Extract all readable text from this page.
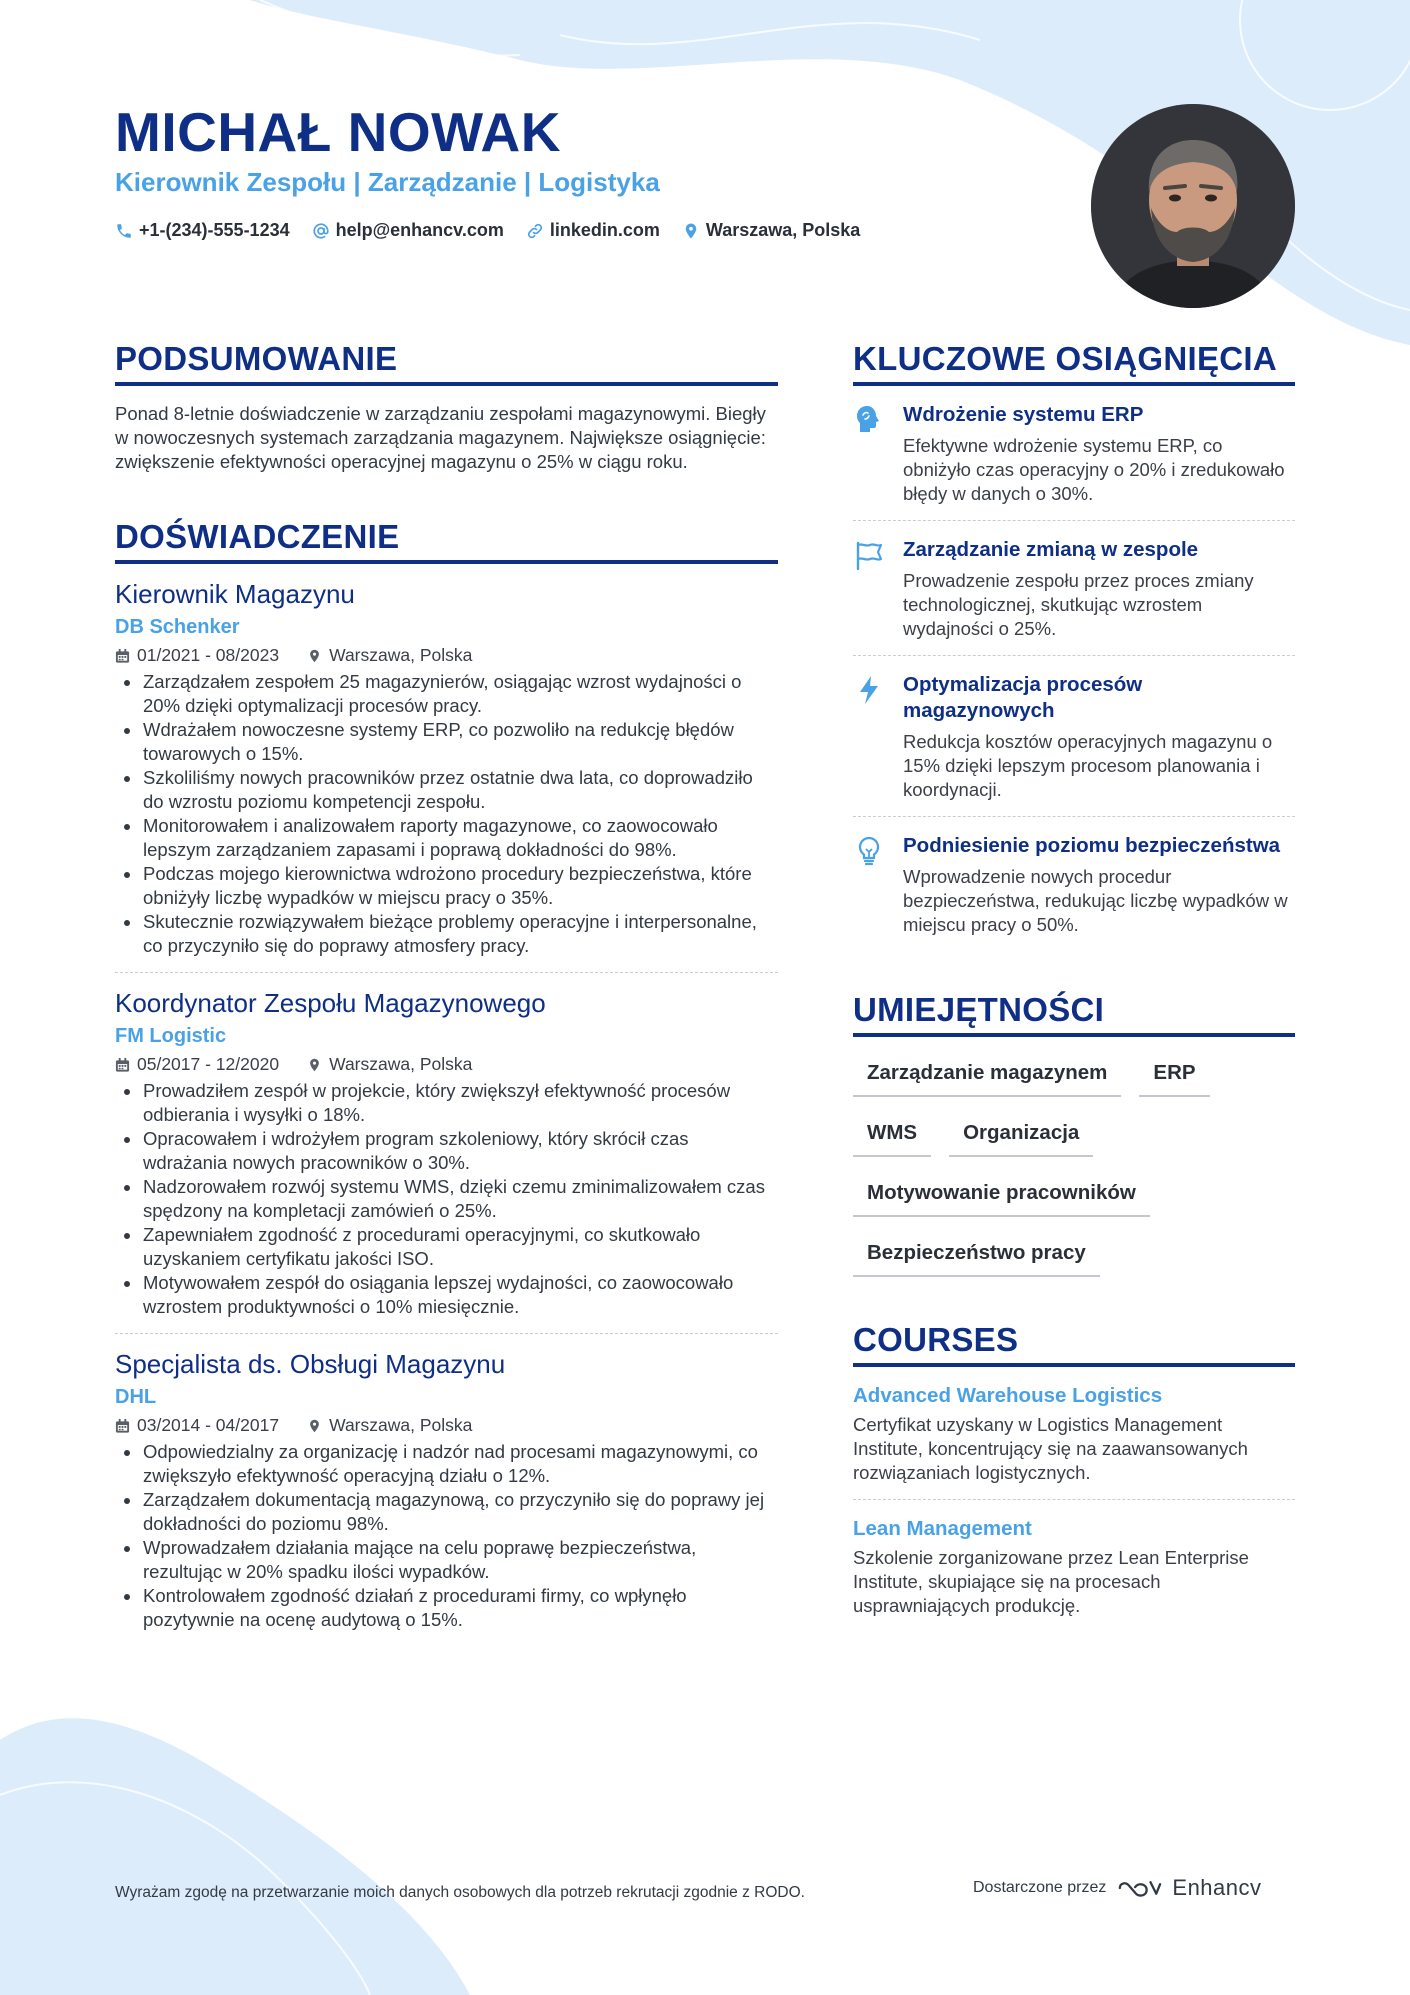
MICHAŁ NOWAK
Kierownik Zespołu | Zarządzanie | Logistyka
+1-(234)-555-1234	help@enhancv.com	linkedin.com	Warszawa, Polska
PODSUMOWANIE

Ponad 8-letnie doświadczenie w zarządzaniu zespołami magazynowymi. Biegły w nowoczesnych systemach zarządzania magazynem. Największe osiągnięcie: zwiększenie efektywności operacyjnej magazynu o 25% w ciągu roku.

DOŚWIADCZENIE
Kierownik Magazynu
DB Schenker
01/2021 - 08/2023	Warszawa, Polska
Zarządzałem zespołem 25 magazynierów, osiągając wzrost wydajności o 20% dzięki optymalizacji procesów pracy.
Wdrażałem nowoczesne systemy ERP, co pozwoliło na redukcję błędów towarowych o 15%.
Szkoliliśmy nowych pracowników przez ostatnie dwa lata, co doprowadziło do wzrostu poziomu kompetencji zespołu.
Monitorowałem i analizowałem raporty magazynowe, co zaowocowało lepszym zarządzaniem zapasami i poprawą dokładności do 98%.
Podczas mojego kierownictwa wdrożono procedury bezpieczeństwa, które obniżyły liczbę wypadków w miejscu pracy o 35%.
Skutecznie rozwiązywałem bieżące problemy operacyjne i interpersonalne, co przyczyniło się do poprawy atmosfery pracy.
Koordynator Zespołu Magazynowego
FM Logistic
05/2017 - 12/2020	Warszawa, Polska
Prowadziłem zespół w projekcie, który zwiększył efektywność procesów odbierania i wysyłki o 18%.
Opracowałem i wdrożyłem program szkoleniowy, który skrócił czas wdrażania nowych pracowników o 30%.
Nadzorowałem rozwój systemu WMS, dzięki czemu zminimalizowałem czas spędzony na kompletacji zamówień o 25%.
Zapewniałem zgodność z procedurami operacyjnymi, co skutkowało uzyskaniem certyfikatu jakości ISO.
Motywowałem zespół do osiągania lepszej wydajności, co zaowocowało wzrostem produktywności o 10% miesięcznie.
Specjalista ds. Obsługi Magazynu
DHL
03/2014 - 04/2017	Warszawa, Polska
Odpowiedzialny za organizację i nadzór nad procesami magazynowymi, co zwiększyło efektywność operacyjną działu o 12%.
Zarządzałem dokumentacją magazynową, co przyczyniło się do poprawy jej dokładności do poziomu 98%.
Wprowadzałem działania mające na celu poprawę bezpieczeństwa, rezultując w 20% spadku ilości wypadków.
Kontrolowałem zgodność działań z procedurami firmy, co wpłynęło pozytywnie na ocenę audytową o 15%.
KLUCZOWE OSIĄGNIĘCIA
Wdrożenie systemu ERP
Efektywne wdrożenie systemu ERP, co obniżyło czas operacyjny o 20% i zredukowało błędy w danych o 30%.
Zarządzanie zmianą w zespole
Prowadzenie zespołu przez proces zmiany technologicznej, skutkując wzrostem wydajności o 25%.
Optymalizacja procesów magazynowych
Redukcja kosztów operacyjnych magazynu o 15% dzięki lepszym procesom planowania i koordynacji.
Podniesienie poziomu bezpieczeństwa
Wprowadzenie nowych procedur bezpieczeństwa, redukując liczbę wypadków w miejscu pracy o 50%.
UMIEJĘTNOŚCI
Zarządzanie magazynem	ERP
WMS	Organizacja
Motywowanie pracowników
Bezpieczeństwo pracy
COURSES
Advanced Warehouse Logistics
Certyfikat uzyskany w Logistics Management Institute, koncentrujący się na zaawansowanych rozwiązaniach logistycznych.
Lean Management
Szkolenie zorganizowane przez Lean Enterprise Institute, skupiające się na procesach usprawniających produkcję.
Wyrażam zgodę na przetwarzanie moich danych osobowych dla potrzeb rekrutacji zgodnie z RODO.	Dostarczone przez	Enhancv
